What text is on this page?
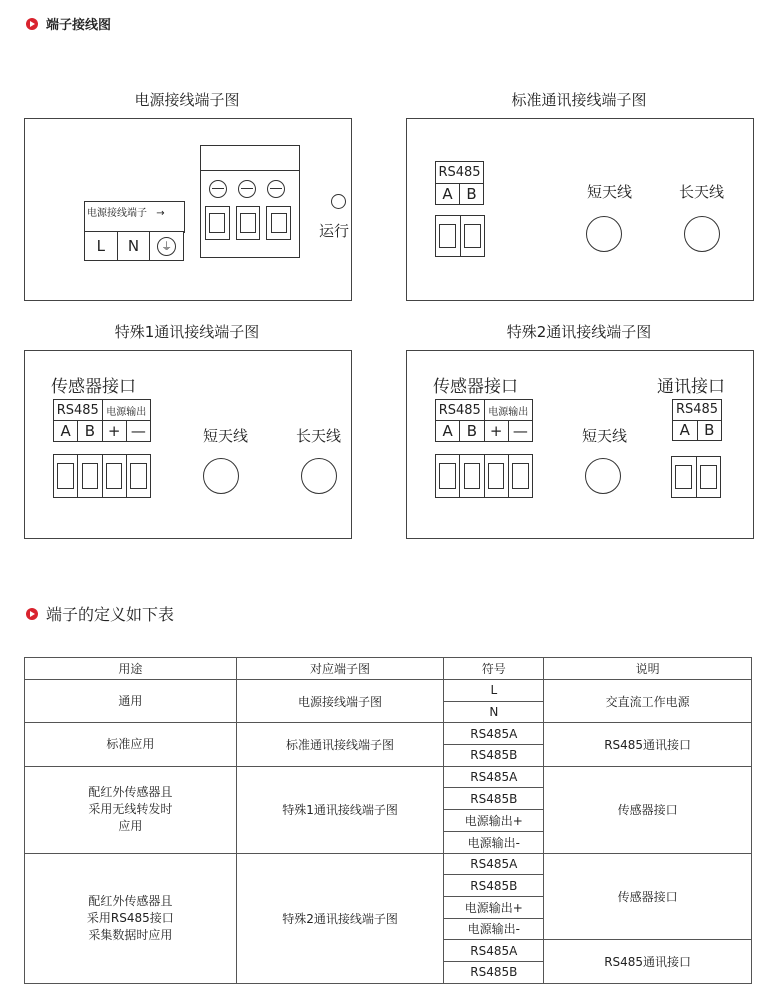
端子接线图
电源接线端子图	标准通讯接线端子图
特殊1通讯接线端子图	特殊2通讯接线端子图
电源接线端子 →
L	N	⏚
运行
RS485
A B	短天线	长天线
传感器接口
RS485 电源输出
A B + —	短天线	长天线
传感器接口
RS485 电源输出
A B + —	短天线
通讯接口
RS485
A B
端子的定义如下表
用途	对应端子图	符号	说明
通用	电源接线端子图	L	交直流工作电源
		N	
标准应用	标准通讯接线端子图	RS485A	RS485通讯接口
		RS485B	
配红外传感器且
采用无线转发时
应用	特殊1通讯接线端子图	RS485A	传感器接口
		RS485B	
		电源输出+	
		电源输出-	
配红外传感器且
采用RS485接口
采集数据时应用	特殊2通讯接线端子图	RS485A	传感器接口
		RS485B	
		电源输出+	
		电源输出-	
		RS485A	RS485通讯接口
		RS485B	
